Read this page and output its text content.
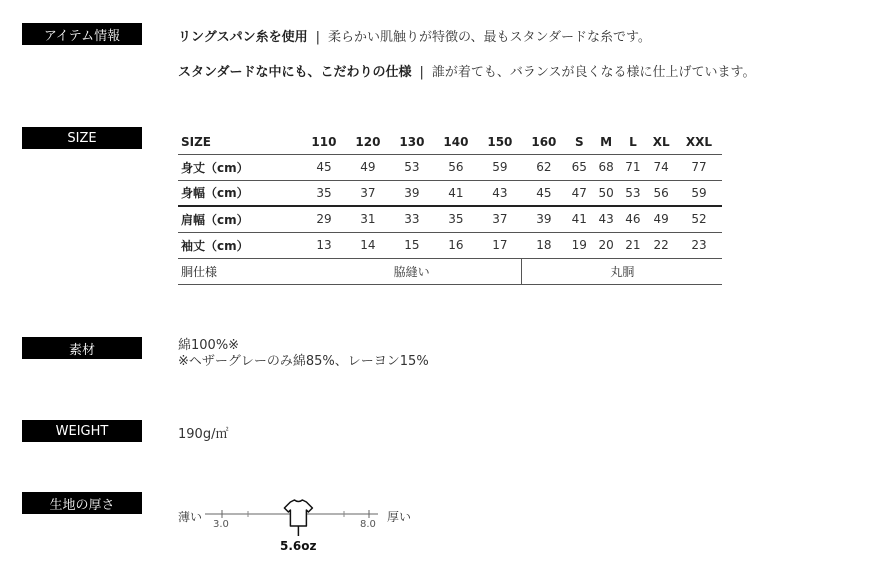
アイテム情報	リングスパン糸を使用 | 柔らかい肌触りが特徴の、最もスタンダードな糸です。
スタンダードな中にも、こだわりの仕様 | 誰が着ても、バランスが良くなる様に仕上げています。
SIZE	SIZE	110	120	130	140	150	160	S	M	L	XL	XXL
身丈（cm）	45	49	53	56	59	62	65	68	71	74	77
身幅（cm）	35	37	39	41	43	45	47	50	53	56	59
肩幅（cm）	29	31	33	35	37	39	41	43	46	49	52
袖丈（cm）	13	14	15	16	17	18	19	20	21	22	23
胴仕様	脇縫い					丸胴					
素材	綿100%※
※ヘザーグレーのみ綿85%、レーヨン15%
WEIGHT	190g/㎡
生地の厚さ
薄い
3.0	8.0
厚い
5.6oz
